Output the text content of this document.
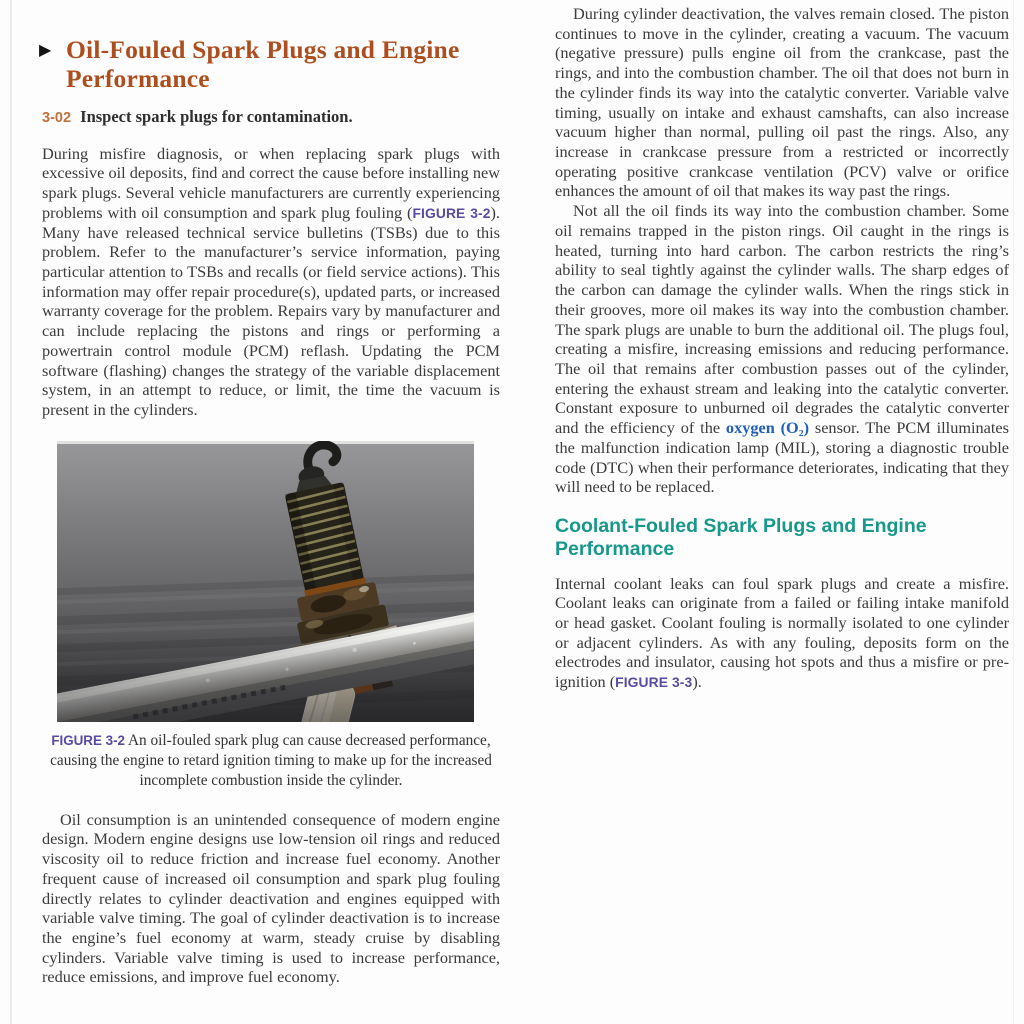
▶ Oil-Fouled Spark Plugs and Engine Performance

3-02 Inspect spark plugs for contamination.

During misfire diagnosis, or when replacing spark plugs with excessive oil deposits, find and correct the cause before installing new spark plugs. Several vehicle manufacturers are currently experiencing problems with oil consumption and spark plug fouling (FIGURE 3-2). Many have released technical service bulletins (TSBs) due to this problem. Refer to the manufacturer’s service information, paying particular attention to TSBs and recalls (or field service actions). This information may offer repair procedure(s), updated parts, or increased warranty coverage for the problem. Repairs vary by manufacturer and can include replacing the pistons and rings or performing a powertrain control module (PCM) reflash. Updating the PCM software (flashing) changes the strategy of the variable displacement system, in an attempt to reduce, or limit, the time the vacuum is present in the cylinders.

FIGURE 3-2 An oil-fouled spark plug can cause decreased performance, causing the engine to retard ignition timing to make up for the increased incomplete combustion inside the cylinder.

Oil consumption is an unintended consequence of modern engine design. Modern engine designs use low-tension oil rings and reduced viscosity oil to reduce friction and increase fuel economy. Another frequent cause of increased oil consumption and spark plug fouling directly relates to cylinder deactivation and engines equipped with variable valve timing. The goal of cylinder deactivation is to increase the engine’s fuel economy at warm, steady cruise by disabling cylinders. Variable valve timing is used to increase performance, reduce emissions, and improve fuel economy.

During cylinder deactivation, the valves remain closed. The piston continues to move in the cylinder, creating a vacuum. The vacuum (negative pressure) pulls engine oil from the crankcase, past the rings, and into the combustion chamber. The oil that does not burn in the cylinder finds its way into the catalytic converter. Variable valve timing, usually on intake and exhaust camshafts, can also increase vacuum higher than normal, pulling oil past the rings. Also, any increase in crankcase pressure from a restricted or incorrectly operating positive crankcase ventilation (PCV) valve or orifice enhances the amount of oil that makes its way past the rings.

Not all the oil finds its way into the combustion chamber. Some oil remains trapped in the piston rings. Oil caught in the rings is heated, turning into hard carbon. The carbon restricts the ring’s ability to seal tightly against the cylinder walls. The sharp edges of the carbon can damage the cylinder walls. When the rings stick in their grooves, more oil makes its way into the combustion chamber. The spark plugs are unable to burn the additional oil. The plugs foul, creating a misfire, increasing emissions and reducing performance. The oil that remains after combustion passes out of the cylinder, entering the exhaust stream and leaking into the catalytic converter. Constant exposure to unburned oil degrades the catalytic converter and the efficiency of the oxygen (O₂) sensor. The PCM illuminates the malfunction indication lamp (MIL), storing a diagnostic trouble code (DTC) when their performance deteriorates, indicating that they will need to be replaced.

Coolant-Fouled Spark Plugs and Engine Performance

Internal coolant leaks can foul spark plugs and create a misfire. Coolant leaks can originate from a failed or failing intake manifold or head gasket. Coolant fouling is normally isolated to one cylinder or adjacent cylinders. As with any fouling, deposits form on the electrodes and insulator, causing hot spots and thus a misfire or pre-ignition (FIGURE 3-3).
